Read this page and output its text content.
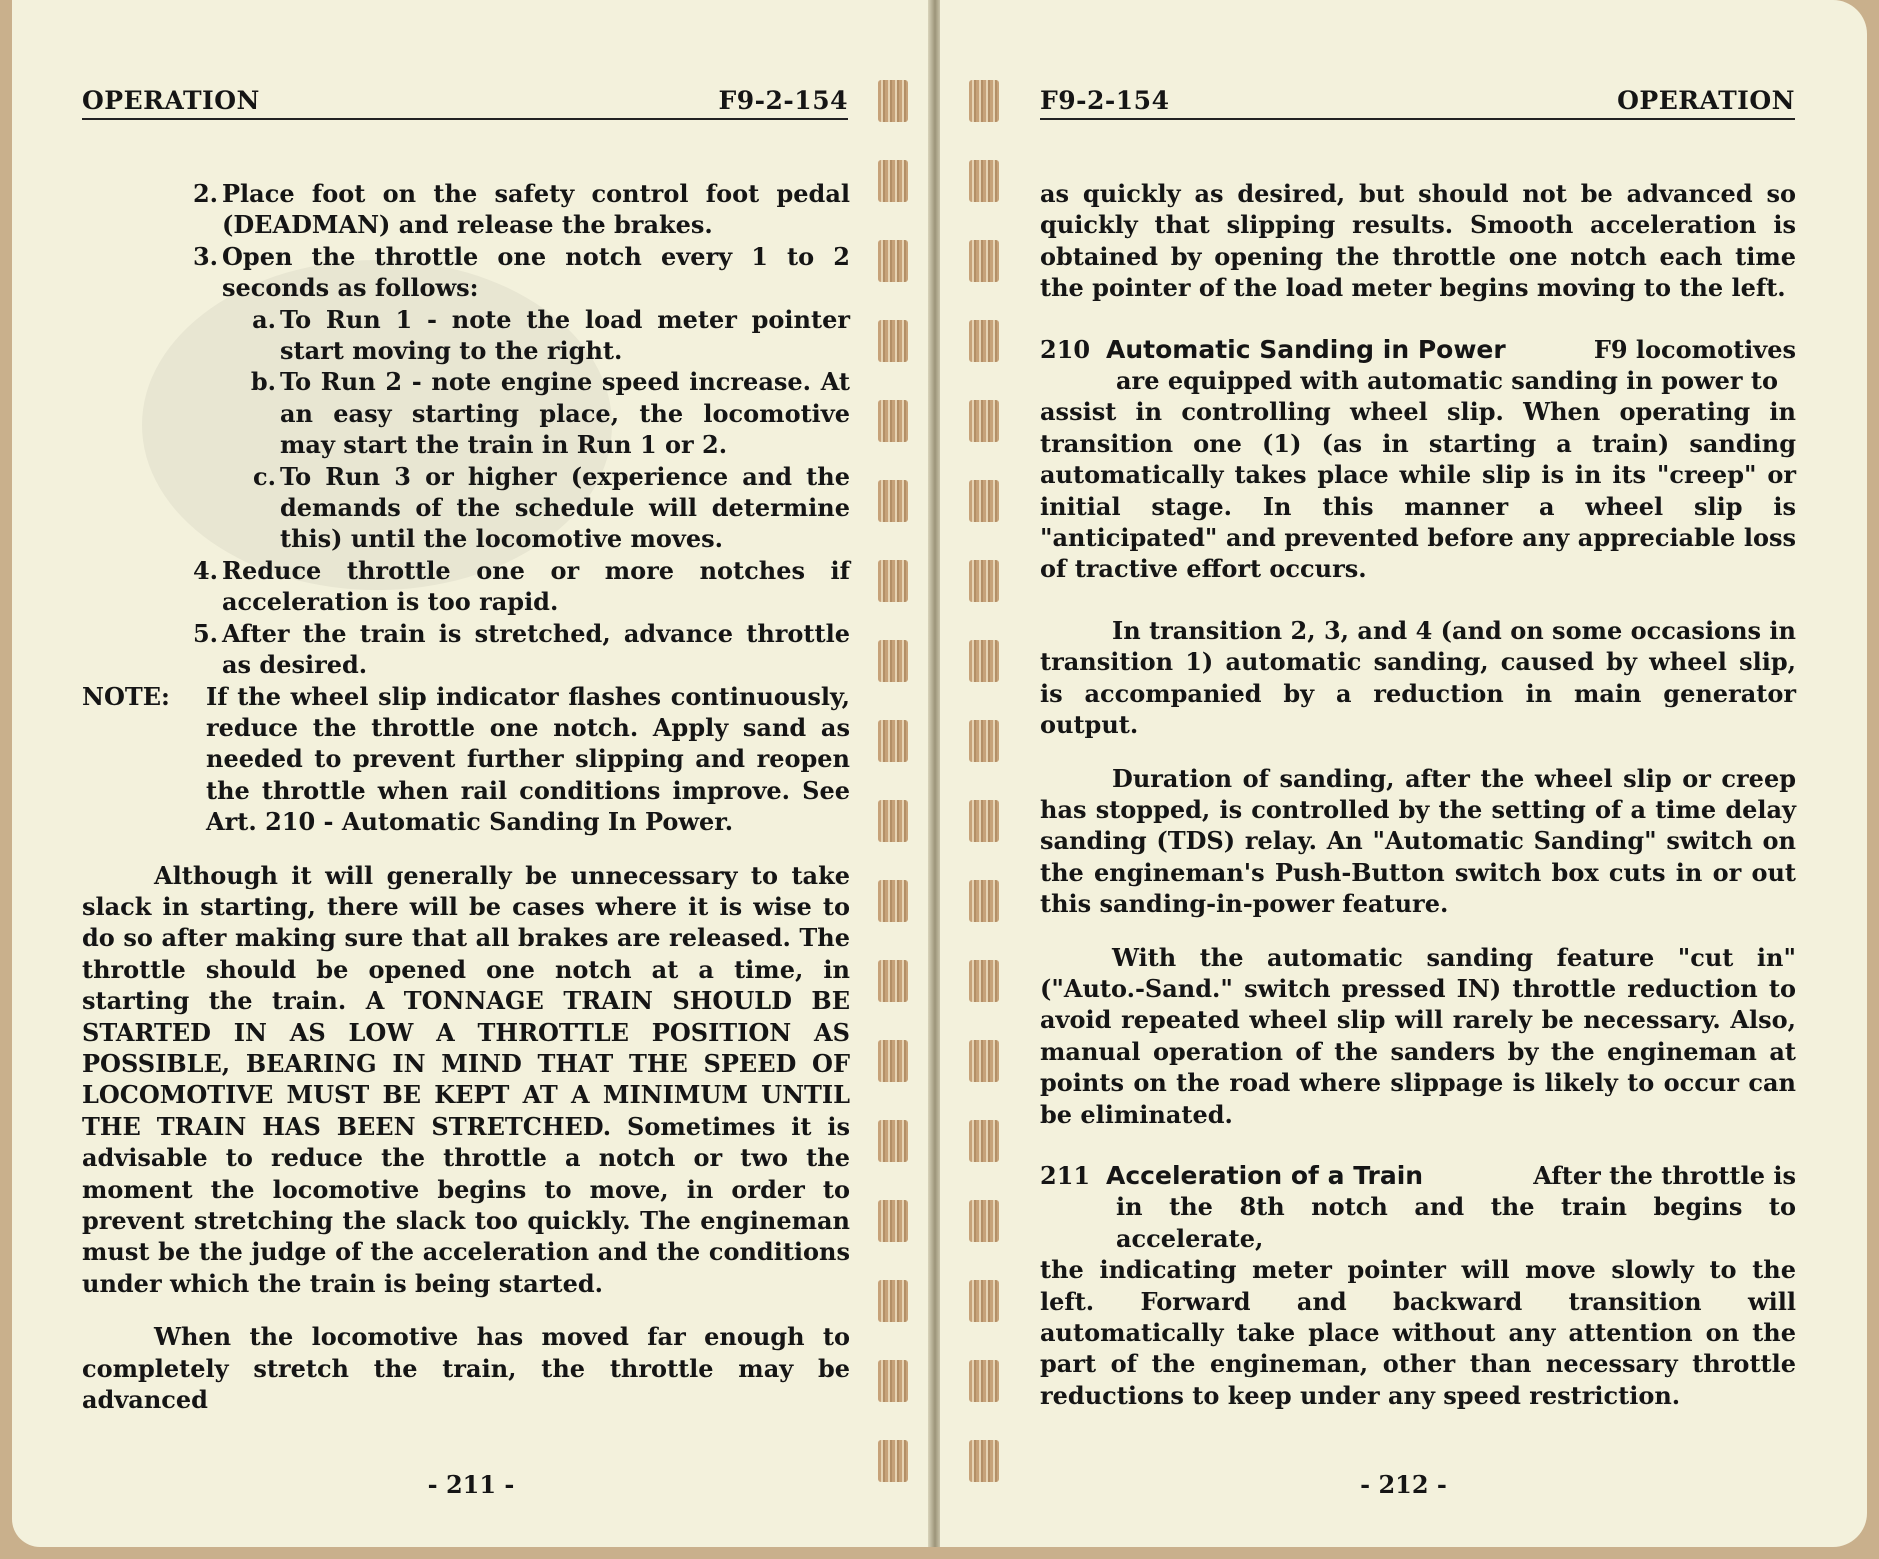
OPERATION	F9-2-154

2. Place foot on the safety control foot pedal (DEADMAN) and release the brakes.

3. Open the throttle one notch every 1 to 2 seconds as follows:

a. To Run 1 - note the load meter pointer start moving to the right.

b. To Run 2 - note engine speed increase. At an easy starting place, the locomotive may start the train in Run 1 or 2.

c. To Run 3 or higher (experience and the demands of the schedule will determine this) until the locomotive moves.

4. Reduce throttle one or more notches if acceleration is too rapid.

5. After the train is stretched, advance throttle as desired.

NOTE: If the wheel slip indicator flashes continuously, reduce the throttle one notch. Apply sand as needed to prevent further slipping and reopen the throttle when rail conditions improve. See Art. 210 - Automatic Sanding In Power.

Although it will generally be unnecessary to take slack in starting, there will be cases where it is wise to do so after making sure that all brakes are released. The throttle should be opened one notch at a time, in starting the train. A TONNAGE TRAIN SHOULD BE STARTED IN AS LOW A THROTTLE POSITION AS POSSIBLE, BEARING IN MIND THAT THE SPEED OF LOCOMOTIVE MUST BE KEPT AT A MINIMUM UNTIL THE TRAIN HAS BEEN STRETCHED. Sometimes it is advisable to reduce the throttle a notch or two the moment the locomotive begins to move, in order to prevent stretching the slack too quickly. The engineman must be the judge of the acceleration and the conditions under which the train is being started.

When the locomotive has moved far enough to completely stretch the train, the throttle may be advanced

- 211 -
F9-2-154	OPERATION

as quickly as desired, but should not be advanced so quickly that slipping results. Smooth acceleration is obtained by opening the throttle one notch each time the pointer of the load meter begins moving to the left.

210 Automatic Sanding in Power	F9 locomotives

are equipped with automatic sanding in power to

assist in controlling wheel slip. When operating in transition one (1) (as in starting a train) sanding automatically takes place while slip is in its "creep" or initial stage. In this manner a wheel slip is "anticipated" and prevented before any appreciable loss of tractive effort occurs.

In transition 2, 3, and 4 (and on some occasions in transition 1) automatic sanding, caused by wheel slip, is accompanied by a reduction in main generator output.

Duration of sanding, after the wheel slip or creep has stopped, is controlled by the setting of a time delay sanding (TDS) relay. An "Automatic Sanding" switch on the engineman's Push-Button switch box cuts in or out this sanding-in-power feature.

With the automatic sanding feature "cut in" ("Auto.-Sand." switch pressed IN) throttle reduction to avoid repeated wheel slip will rarely be necessary. Also, manual operation of the sanders by the engineman at points on the road where slippage is likely to occur can be eliminated.

211 Acceleration of a Train	After the throttle is

in the 8th notch and the train begins to accelerate,

the indicating meter pointer will move slowly to the left. Forward and backward transition will automatically take place without any attention on the part of the engineman, other than necessary throttle reductions to keep under any speed restriction.

- 212 -
